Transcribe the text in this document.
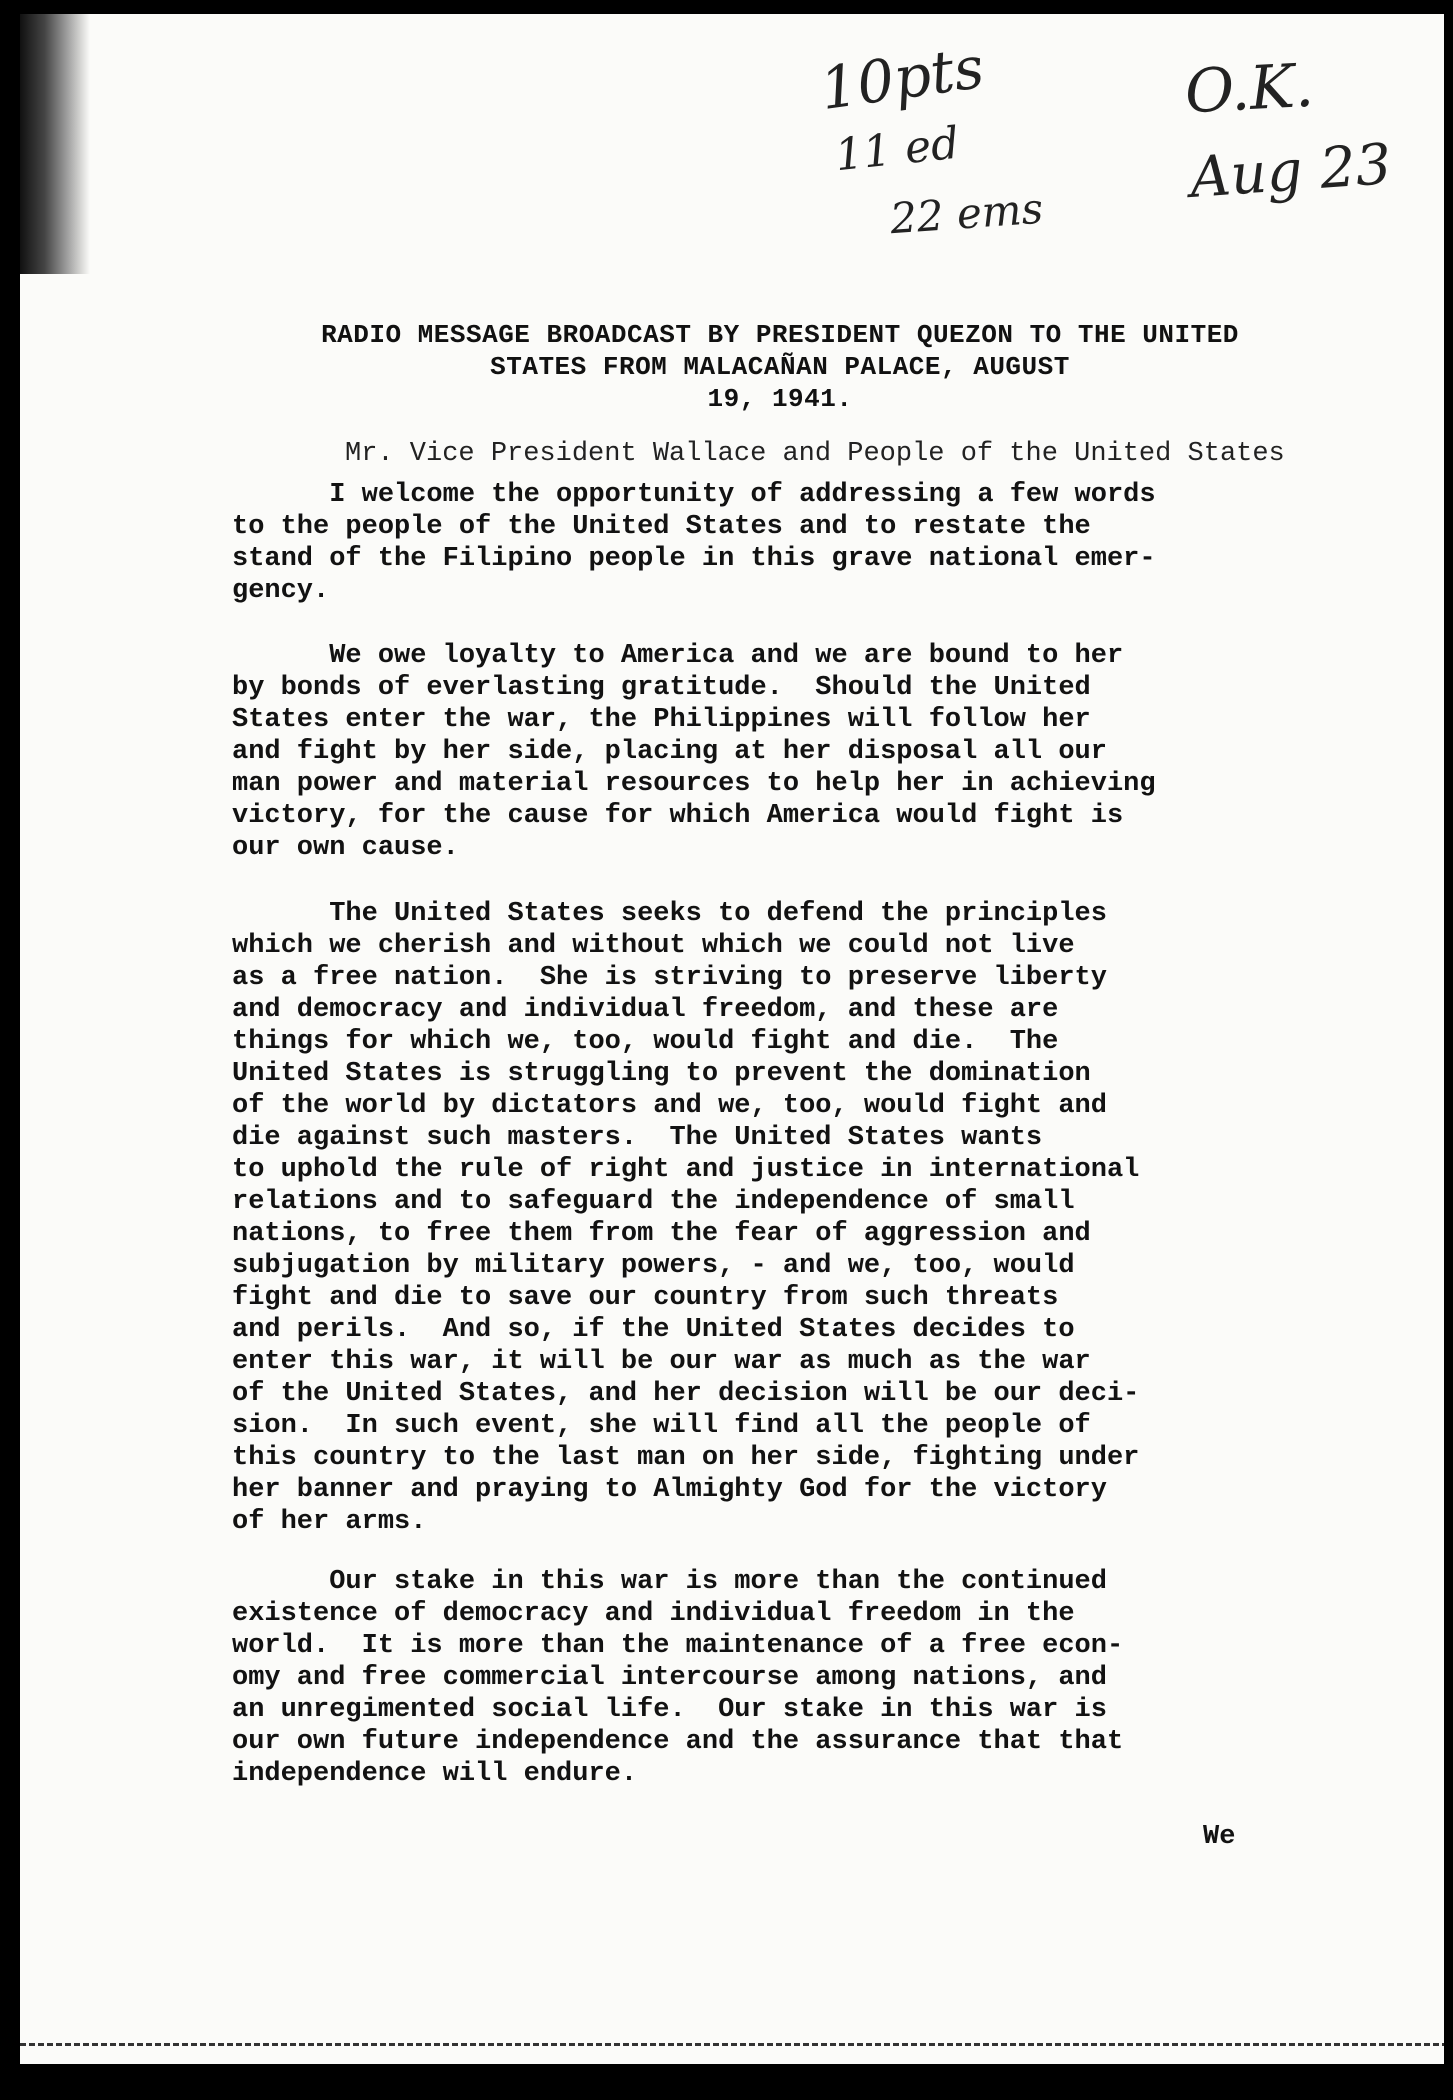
10pts
11 ed
22 ems
O.K.
Aug 23
RADIO MESSAGE BROADCAST BY PRESIDENT QUEZON TO THE UNITED
STATES FROM MALACAÑAN PALACE, AUGUST
19, 1941.
Mr. Vice President Wallace and People of the United States
I welcome the opportunity of addressing a few words
to the people of the United States and to restate the
stand of the Filipino people in this grave national emer-
gency.
We owe loyalty to America and we are bound to her
by bonds of everlasting gratitude.  Should the United
States enter the war, the Philippines will follow her
and fight by her side, placing at her disposal all our
man power and material resources to help her in achieving
victory, for the cause for which America would fight is
our own cause.
The United States seeks to defend the principles
which we cherish and without which we could not live
as a free nation.  She is striving to preserve liberty
and democracy and individual freedom, and these are
things for which we, too, would fight and die.  The
United States is struggling to prevent the domination
of the world by dictators and we, too, would fight and
die against such masters.  The United States wants
to uphold the rule of right and justice in international
relations and to safeguard the independence of small
nations, to free them from the fear of aggression and
subjugation by military powers, - and we, too, would
fight and die to save our country from such threats
and perils.  And so, if the United States decides to
enter this war, it will be our war as much as the war
of the United States, and her decision will be our deci-
sion.  In such event, she will find all the people of
this country to the last man on her side, fighting under
her banner and praying to Almighty God for the victory
of her arms.
Our stake in this war is more than the continued
existence of democracy and individual freedom in the
world.  It is more than the maintenance of a free econ-
omy and free commercial intercourse among nations, and
an unregimented social life.  Our stake in this war is
our own future independence and the assurance that that
independence will endure.
We
